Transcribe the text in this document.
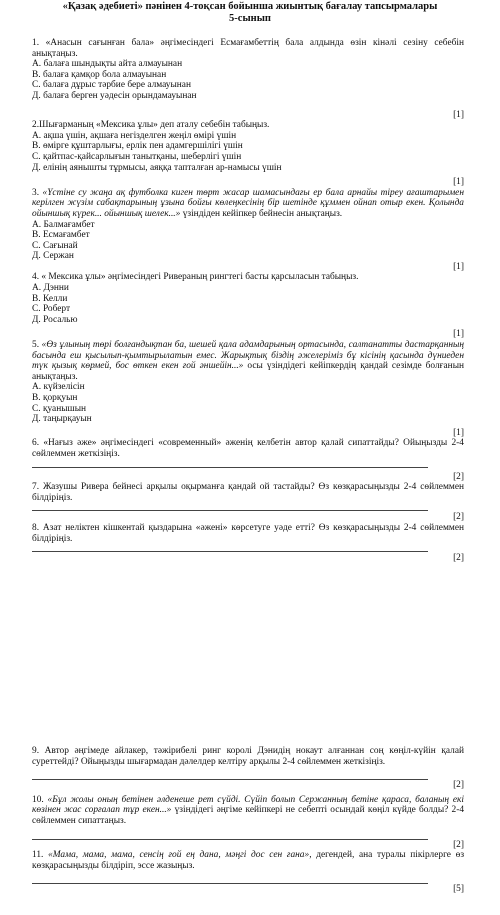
«Қазақ әдебиеті» пәнінен 4-тоқсан бойынша жиынтық бағалау тапсырмалары
5-сынып

1. «Анасын сағынған бала» әңгімесіндегі Есмағамбеттің бала алдында өзін кінәлі сезіну себебін анықтаңыз.

А. балаға шындықты айта алмауынан

В. балаға қамқор бола алмауынан

С. балаға дұрыс тәрбие бере алмауынан

Д. балаға берген уәдесін орындамауынан

[1]

2.Шығарманың «Мексика ұлы» деп аталу себебін табыңыз.

А. ақша үшін, ақшаға негізделген жеңіл өмірі үшін

В. өмірге құштарлығы, ерлік пен адамгершілігі үшін

С. қайтпас-қайсарлығын танытқаны, шеберлігі үшін

Д. елінің аянышты тұрмысы, аяққа тапталған ар-намысы үшін

[1]

3. «Үстіне су жаңа ақ футболка киген төрт жасар шамасындағы ер бала арнайы тіреу ағаштарымен керілген жүзім сабақтарының ұзына бойғы көлеңкесінің бір шетінде құммен ойнап отыр екен. Қолында ойыншық күрек... ойыншық шелек...» үзіндіден кейіпкер бейнесін анықтаңыз.

А. Балмағамбет

В. Есмағамбет

С. Сағынай

Д. Сержан

[1]

4. « Мексика ұлы» әңгімесіндегі Ривераның рингтегі басты қарсыласын табыңыз.

А. Дэнни

В. Келли

С. Роберт

Д. Росалью

[1]

5. «Өз ұлының төрі болғандықтан ба, шешей қала адамдарының ортасында, салтанатты дастарқанның басында еш қысылып-қымтырылатын емес. Жарықтық біздің әжелеріміз бұ кісінің қасында дүниеден түк қызық көрмей, бос өткен екен ғой әншейін...» осы үзіндідегі кейіпкердің қандай сезімде болғанын анықтаңыз.

А. күйзелісін

В. қорқуын

С. қуанышын

Д. таңырқауын

[1]

6. «Нағыз әже» әңгімесіндегі «современный» әженің келбетін автор қалай сипаттайды? Ойыңызды 2-4 сөйлеммен жеткізіңіз.

[2]

7. Жазушы Ривера бейнесі арқылы оқырманға қандай ой тастайды? Өз көзқарасыңызды 2-4 сөйлеммен білдіріңіз.

[2]

8. Азат неліктен кішкентай қыздарына «әжені» көрсетуге уәде етті? Өз көзқарасыңызды 2-4 сөйлеммен білдіріңіз.

[2]

9. Автор әңгімеде айлакер, тәжірибелі ринг королі Дэнидің нокаут алғаннан соң көңіл-күйін қалай суреттейді? Ойыңызды шығармадан дәлелдер келтіру арқылы 2-4 сөйлеммен жеткізіңіз.

[2]

10. «Бұл жолы оның бетінен әлденеше рет сүйді. Сүйіп болып Сержанның бетіне қараса, баланың екі көзінен жас сорғалап тұр екен...» үзіндідегі әңгіме кейіпкері не себепті осындай көңіл күйде болды? 2-4 сөйлеммен сипаттаңыз.

[2]

11. «Мама, мама, мама, сенсің ғой ең дана, мәңгі дос сен ғана», дегендей, ана туралы пікірлерге өз көзқарасыңызды білдіріп, эссе жазыңыз.

[5]
